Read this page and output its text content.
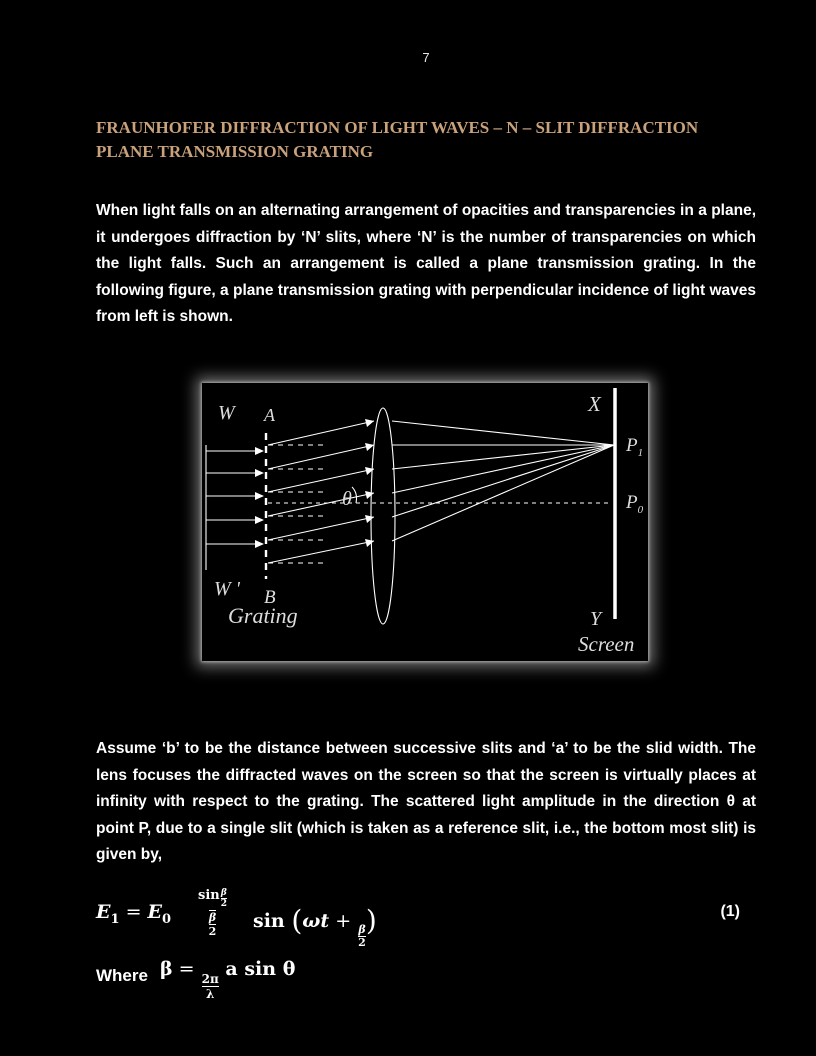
7
FRAUNHOFER DIFFRACTION OF LIGHT WAVES – N – SLIT DIFFRACTION
PLANE TRANSMISSION GRATING

When light falls on an alternating arrangement of opacities and transparencies in a plane, it undergoes diffraction by ‘N’ slits, where ‘N’ is the number of transparencies on which the light falls. Such an arrangement is called a plane transmission grating. In the following figure, a plane transmission grating with perpendicular incidence of light waves from left is shown.

W A
W ' B
Grating
θ
X
$P_1$
$P_0$
Y
Screen

Assume ‘b’ to be the distance between successive slits and ‘a’ to be the slid width. The lens focuses the diffracted waves on the screen so that the screen is virtually places at infinity with respect to the grating. The scattered light amplitude in the direction θ at point P, due to a single slit (which is taken as a reference slit, i.e., the bottom most slit) is given by,

$E_1 = E_0$
$\sin \frac{\beta}{2}$
β
2 sin (ωt +
$\frac{\beta}{2}$ )	(1)
Where β =
$\frac{2\pi}{\lambda}$
a sin θ
